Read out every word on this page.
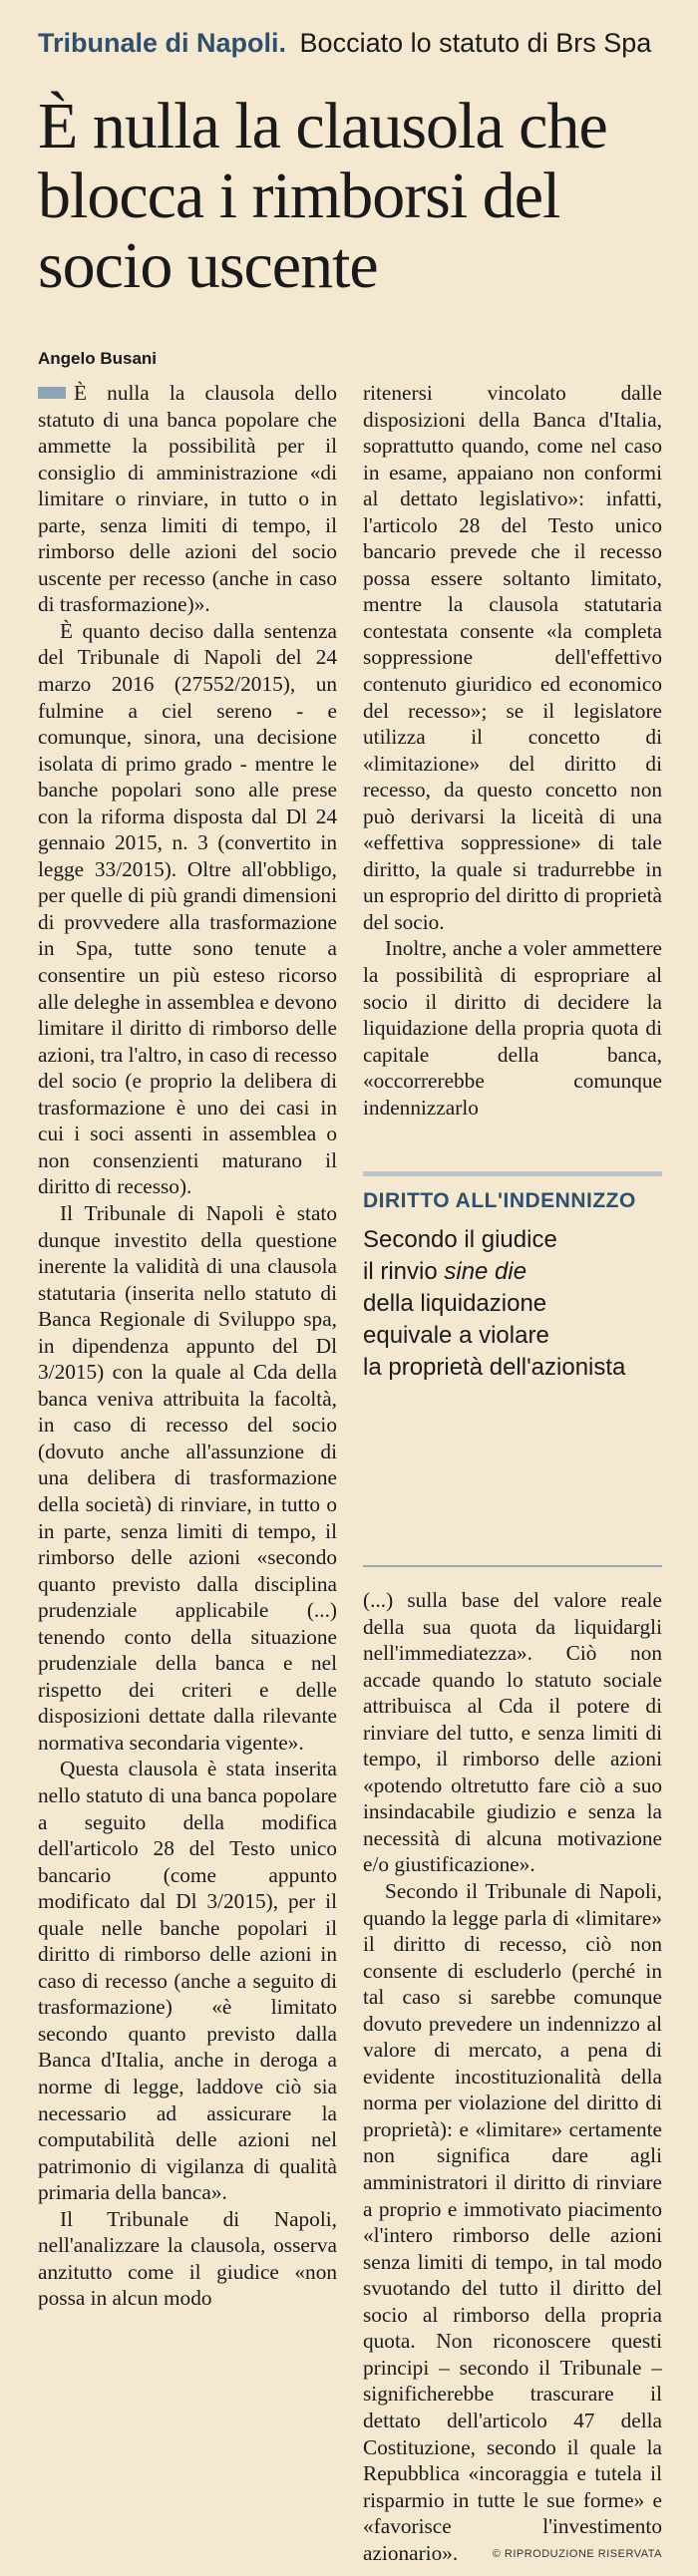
Tribunale di Napoli. Bocciato lo statuto di Brs Spa
È nulla la clausola che blocca i rimborsi del socio uscente
Angelo Busani

È nulla la clausola dello statuto di una banca popolare che ammette la possibilità per il consiglio di amministrazione «di limitare o rinviare, in tutto o in parte, senza limiti di tempo, il rimborso delle azioni del socio uscente per recesso (anche in caso di trasformazione)».

È quanto deciso dalla sentenza del Tribunale di Napoli del 24 marzo 2016 (27552/2015), un fulmine a ciel sereno - e comunque, sinora, una decisione isolata di primo grado - mentre le banche popolari sono alle prese con la riforma disposta dal Dl 24 gennaio 2015, n. 3 (convertito in legge 33/2015). Oltre all'obbligo, per quelle di più grandi dimensioni di provvedere alla trasformazione in Spa, tutte sono tenute a consentire un più esteso ricorso alle deleghe in assemblea e devono limitare il diritto di rimborso delle azioni, tra l'altro, in caso di recesso del socio (e proprio la delibera di trasformazione è uno dei casi in cui i soci assenti in assemblea o non consenzienti maturano il diritto di recesso).

Il Tribunale di Napoli è stato dunque investito della questione inerente la validità di una clausola statutaria (inserita nello statuto di Banca Regionale di Sviluppo spa, in dipendenza appunto del Dl 3/2015) con la quale al Cda della banca veniva attribuita la facoltà, in caso di recesso del socio (dovuto anche all'assunzione di una delibera di trasformazione della società) di rinviare, in tutto o in parte, senza limiti di tempo, il rimborso delle azioni «secondo quanto previsto dalla disciplina prudenziale applicabile (...) tenendo conto della situazione prudenziale della banca e nel rispetto dei criteri e delle disposizioni dettate dalla rilevante normativa secondaria vigente».

Questa clausola è stata inserita nello statuto di una banca popolare a seguito della modifica dell'articolo 28 del Testo unico bancario (come appunto modificato dal Dl 3/2015), per il quale nelle banche popolari il diritto di rimborso delle azioni in caso di recesso (anche a seguito di trasformazione) «è limitato secondo quanto previsto dalla Banca d'Italia, anche in deroga a norme di legge, laddove ciò sia necessario ad assicurare la computabilità delle azioni nel patrimonio di vigilanza di qualità primaria della banca».

Il Tribunale di Napoli, nell'analizzare la clausola, osserva anzitutto come il giudice «non possa in alcun modo

ritenersi vincolato dalle disposizioni della Banca d'Italia, soprattutto quando, come nel caso in esame, appaiano non conformi al dettato legislativo»: infatti, l'articolo 28 del Testo unico bancario prevede che il recesso possa essere soltanto limitato, mentre la clausola statutaria contestata consente «la completa soppressione dell'effettivo contenuto giuridico ed economico del recesso»; se il legislatore utilizza il concetto di «limitazione» del diritto di recesso, da questo concetto non può derivarsi la liceità di una «effettiva soppressione» di tale diritto, la quale si tradurrebbe in un esproprio del diritto di proprietà del socio.

Inoltre, anche a voler ammettere la possibilità di espropriare al socio il diritto di decidere la liquidazione della propria quota di capitale della banca, «occorrerebbe comunque indennizzarlo

DIRITTO ALL'INDENNIZZO
Secondo il giudice
il rinvio sine die
della liquidazione
equivale a violare
la proprietà dell'azionista

(...) sulla base del valore reale della sua quota da liquidargli nell'immediatezza». Ciò non accade quando lo statuto sociale attribuisca al Cda il potere di rinviare del tutto, e senza limiti di tempo, il rimborso delle azioni «potendo oltretutto fare ciò a suo insindacabile giudizio e senza la necessità di alcuna motivazione e/o giustificazione».

Secondo il Tribunale di Napoli, quando la legge parla di «limitare» il diritto di recesso, ciò non consente di escluderlo (perché in tal caso si sarebbe comunque dovuto prevedere un indennizzo al valore di mercato, a pena di evidente incostituzionalità della norma per violazione del diritto di proprietà): e «limitare» certamente non significa dare agli amministratori il diritto di rinviare a proprio e immotivato piacimento «l'intero rimborso delle azioni senza limiti di tempo, in tal modo svuotando del tutto il diritto del socio al rimborso della propria quota. Non riconoscere questi principi – secondo il Tribunale – significherebbe trascurare il dettato dell'articolo 47 della Costituzione, secondo il quale la Repubblica «incoraggia e tutela il risparmio in tutte le sue forme» e «favorisce l'investimento azionario».	© RIPRODUZIONE RISERVATA
